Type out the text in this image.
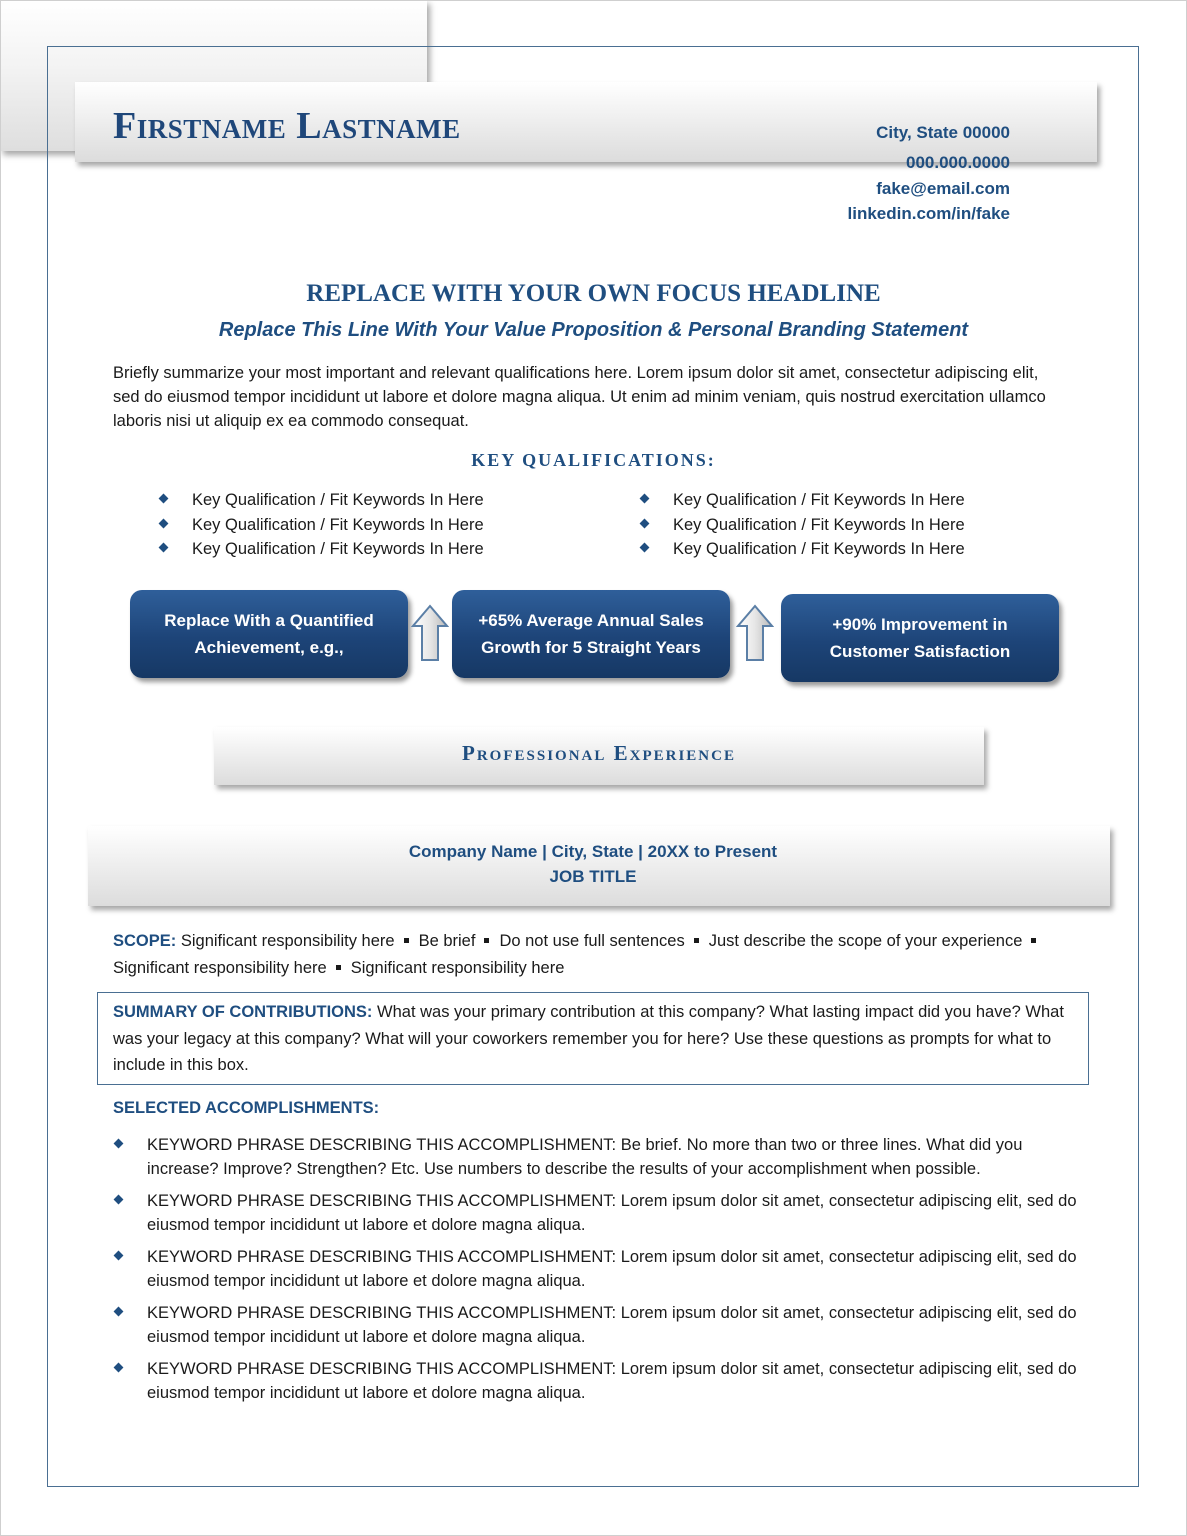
Firstname Lastname	City, State 00000
000.000.0000
fake@email.com
linkedin.com/in/fake
REPLACE WITH YOUR OWN FOCUS HEADLINE
Replace This Line With Your Value Proposition & Personal Branding Statement
Briefly summarize your most important and relevant qualifications here. Lorem ipsum dolor sit amet, consectetur adipiscing elit, sed do eiusmod tempor incididunt ut labore et dolore magna aliqua. Ut enim ad minim veniam, quis nostrud exercitation ullamco laboris nisi ut aliquip ex ea commodo consequat.
KEY QUALIFICATIONS:
Key Qualification / Fit Keywords In Here
Key Qualification / Fit Keywords In Here
Key Qualification / Fit Keywords In Here
Key Qualification / Fit Keywords In Here
Key Qualification / Fit Keywords In Here
Key Qualification / Fit Keywords In Here
Replace With a Quantified
Achievement, e.g.,
+65% Average Annual Sales
Growth for 5 Straight Years
+90% Improvement in
Customer Satisfaction
Professional Experience
Company Name | City, State | 20XX to Present
JOB TITLE
SCOPE: Significant responsibility here Be brief Do not use full sentences Just describe the scope of your experienceSignificant responsibility here Significant responsibility here
SUMMARY OF CONTRIBUTIONS: What was your primary contribution at this company? What lasting impact did you have? What was your legacy at this company? What will your coworkers remember you for here? Use these questions as prompts for what to include in this box.
SELECTED ACCOMPLISHMENTS:
KEYWORD PHRASE DESCRIBING THIS ACCOMPLISHMENT: Be brief. No more than two or three lines. What did you increase? Improve? Strengthen? Etc. Use numbers to describe the results of your accomplishment when possible.
KEYWORD PHRASE DESCRIBING THIS ACCOMPLISHMENT: Lorem ipsum dolor sit amet, consectetur adipiscing elit, sed do eiusmod tempor incididunt ut labore et dolore magna aliqua.
KEYWORD PHRASE DESCRIBING THIS ACCOMPLISHMENT: Lorem ipsum dolor sit amet, consectetur adipiscing elit, sed do eiusmod tempor incididunt ut labore et dolore magna aliqua.
KEYWORD PHRASE DESCRIBING THIS ACCOMPLISHMENT: Lorem ipsum dolor sit amet, consectetur adipiscing elit, sed do eiusmod tempor incididunt ut labore et dolore magna aliqua.
KEYWORD PHRASE DESCRIBING THIS ACCOMPLISHMENT: Lorem ipsum dolor sit amet, consectetur adipiscing elit, sed do eiusmod tempor incididunt ut labore et dolore magna aliqua.
